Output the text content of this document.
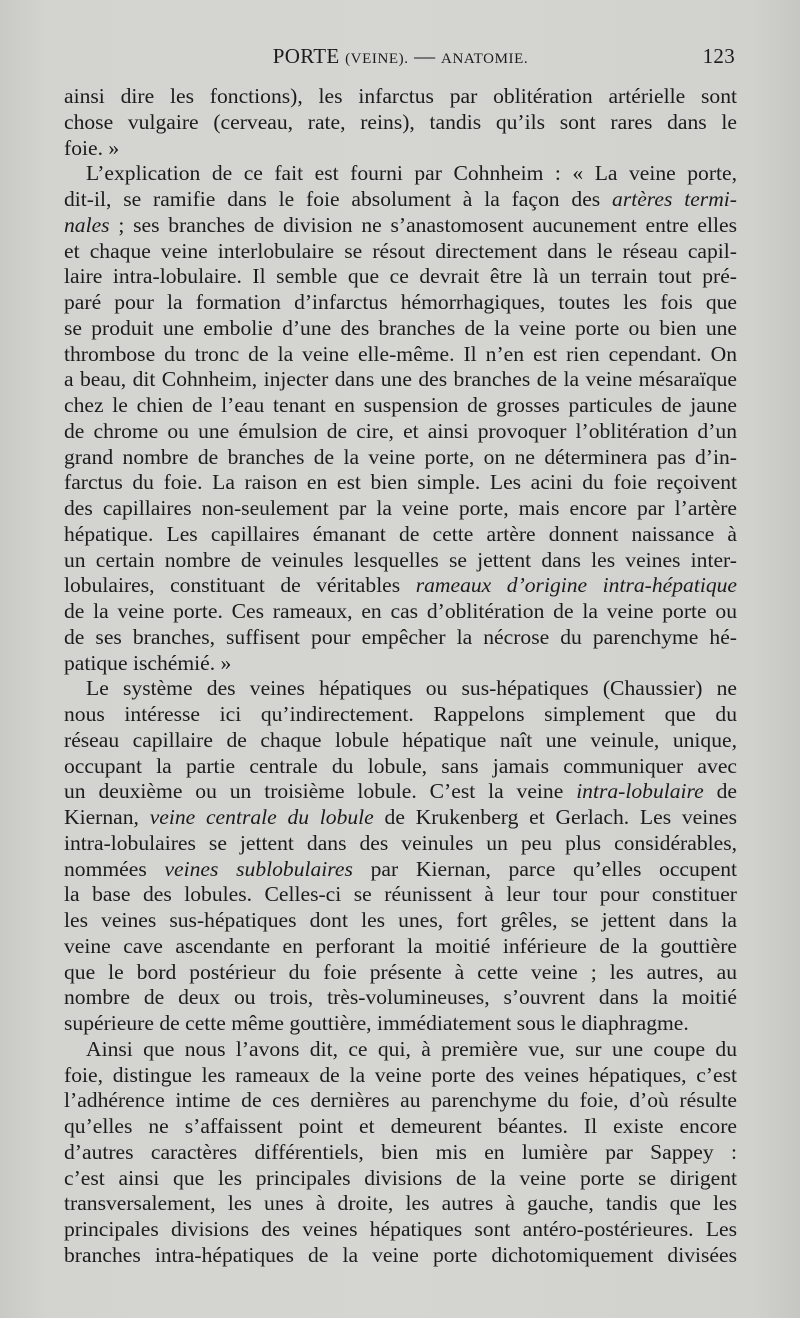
PORTE (VEINE). — ANATOMIE.	123

ainsi dire les fonctions), les infarctus par oblitération artérielle sont

chose vulgaire (cerveau, rate, reins), tandis qu’ils sont rares dans le

foie. »

L’explication de ce fait est fourni par Cohnheim : « La veine porte,

dit-il, se ramifie dans le foie absolument à la façon des artères termi-

nales ; ses branches de division ne s’anastomosent aucunement entre elles

et chaque veine interlobulaire se résout directement dans le réseau capil-

laire intra-lobulaire. Il semble que ce devrait être là un terrain tout pré-

paré pour la formation d’infarctus hémorrhagiques, toutes les fois que

se produit une embolie d’une des branches de la veine porte ou bien une

thrombose du tronc de la veine elle-même. Il n’en est rien cependant. On

a beau, dit Cohnheim, injecter dans une des branches de la veine mésaraïque

chez le chien de l’eau tenant en suspension de grosses particules de jaune

de chrome ou une émulsion de cire, et ainsi provoquer l’oblitération d’un

grand nombre de branches de la veine porte, on ne déterminera pas d’in-

farctus du foie. La raison en est bien simple. Les acini du foie reçoivent

des capillaires non-seulement par la veine porte, mais encore par l’artère

hépatique. Les capillaires émanant de cette artère donnent naissance à

un certain nombre de veinules lesquelles se jettent dans les veines inter-

lobulaires, constituant de véritables rameaux d’origine intra-hépatique

de la veine porte. Ces rameaux, en cas d’oblitération de la veine porte ou

de ses branches, suffisent pour empêcher la nécrose du parenchyme hé-

patique ischémié. »

Le système des veines hépatiques ou sus-hépatiques (Chaussier) ne

nous intéresse ici qu’indirectement. Rappelons simplement que du

réseau capillaire de chaque lobule hépatique naît une veinule, unique,

occupant la partie centrale du lobule, sans jamais communiquer avec

un deuxième ou un troisième lobule. C’est la veine intra-lobulaire de

Kiernan, veine centrale du lobule de Krukenberg et Gerlach. Les veines

intra-lobulaires se jettent dans des veinules un peu plus considérables,

nommées veines sublobulaires par Kiernan, parce qu’elles occupent

la base des lobules. Celles-ci se réunissent à leur tour pour constituer

les veines sus-hépatiques dont les unes, fort grêles, se jettent dans la

veine cave ascendante en perforant la moitié inférieure de la gouttière

que le bord postérieur du foie présente à cette veine ; les autres, au

nombre de deux ou trois, très-volumineuses, s’ouvrent dans la moitié

supérieure de cette même gouttière, immédiatement sous le diaphragme.

Ainsi que nous l’avons dit, ce qui, à première vue, sur une coupe du

foie, distingue les rameaux de la veine porte des veines hépatiques, c’est

l’adhérence intime de ces dernières au parenchyme du foie, d’où résulte

qu’elles ne s’affaissent point et demeurent béantes. Il existe encore

d’autres caractères différentiels, bien mis en lumière par Sappey :

c’est ainsi que les principales divisions de la veine porte se dirigent

transversalement, les unes à droite, les autres à gauche, tandis que les

principales divisions des veines hépatiques sont antéro-postérieures. Les

branches intra-hépatiques de la veine porte dichotomiquement divisées
